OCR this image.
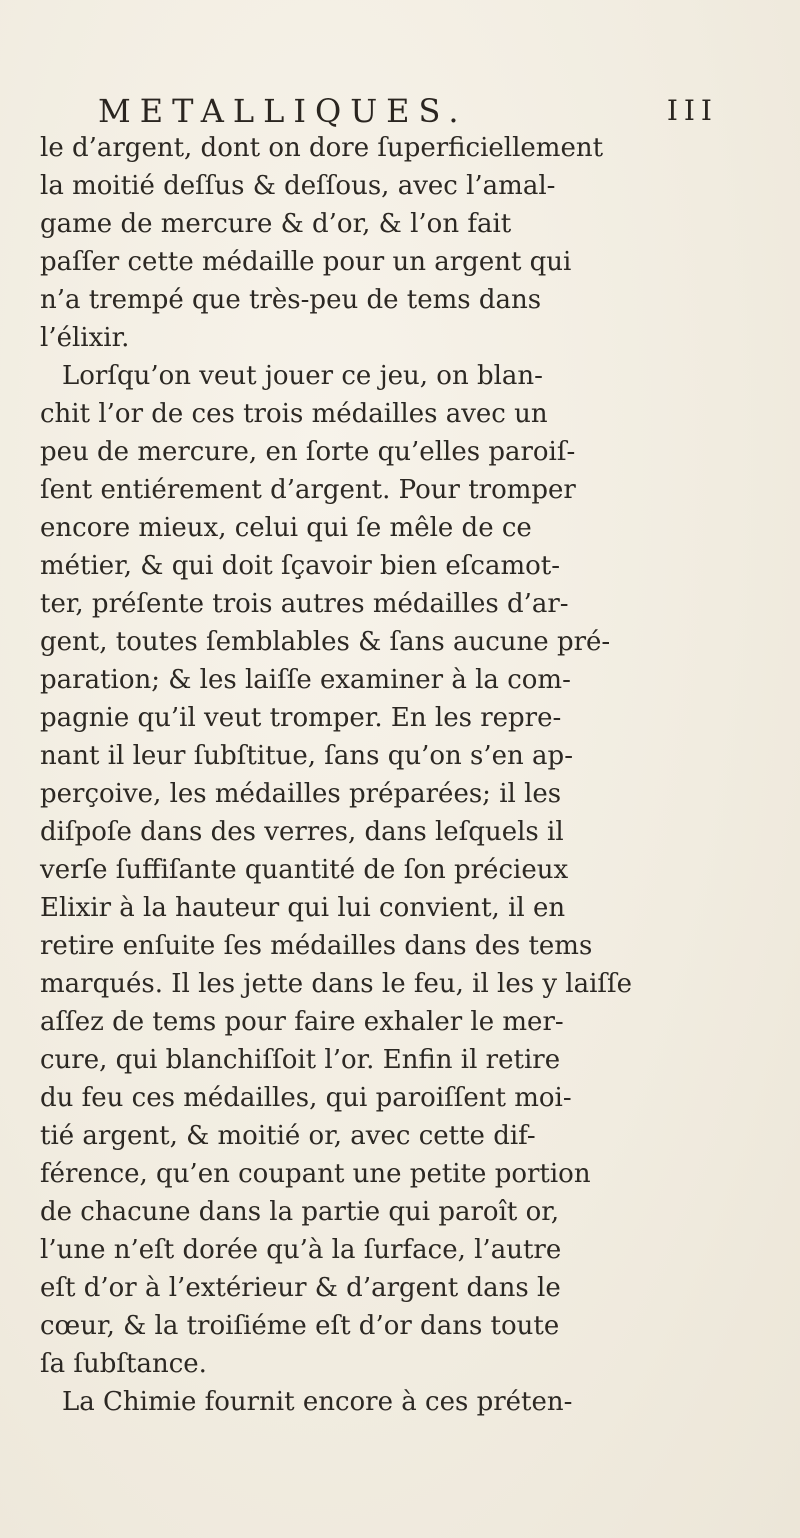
METALLIQUES.	III
le d’argent, dont on dore ſuperficiellement
la moitié deſſus & deſſous, avec l’amal-
game de mercure & d’or, & l’on fait
paſſer cette médaille pour un argent qui
n’a trempé que très-peu de tems dans
l’élixir.
Lorſqu’on veut jouer ce jeu, on blan-
chit l’or de ces trois médailles avec un
peu de mercure, en ſorte qu’elles paroiſ-
ſent entiérement d’argent. Pour tromper
encore mieux, celui qui ſe mêle de ce
métier, & qui doit ſçavoir bien eſcamot-
ter, préſente trois autres médailles d’ar-
gent, toutes ſemblables & ſans aucune pré-
paration; & les laiſſe examiner à la com-
pagnie qu’il veut tromper. En les repre-
nant il leur ſubſtitue, ſans qu’on s’en ap-
perçoive, les médailles préparées; il les
diſpoſe dans des verres, dans leſquels il
verſe ſuffiſante quantité de ſon précieux
Elixir à la hauteur qui lui convient, il en
retire enſuite ſes médailles dans des tems
marqués. Il les jette dans le feu, il les y laiſſe
aſſez de tems pour faire exhaler le mer-
cure, qui blanchiſſoit l’or. Enfin il retire
du feu ces médailles, qui paroiſſent moi-
tié argent, & moitié or, avec cette dif-
férence, qu’en coupant une petite portion
de chacune dans la partie qui paroît or,
l’une n’eſt dorée qu’à la ſurface, l’autre
eſt d’or à l’extérieur & d’argent dans le
cœur, & la troiſiéme eſt d’or dans toute
ſa ſubſtance.
La Chimie fournit encore à ces préten-
